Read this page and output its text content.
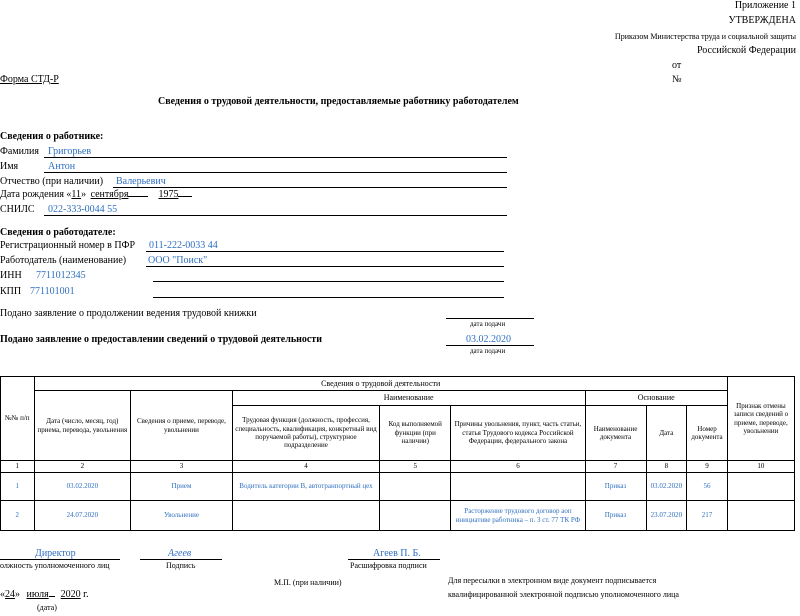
Приложение 1
УТВЕРЖДЕНА
Приказом Министерства труда и социальной защиты
Российской Федерации
от
№
Форма СТД-Р
Сведения о трудовой деятельности, предоставляемые работнику работодателем
Сведения о работнике:
Фамилия Григорьев
Имя	Антон
Отчество (при наличии) Валерьевич
Дата рождения «11» сентября	1975
СНИЛС 022-333-0044 55
Сведения о работодателе:
Регистрационный номер в ПФР 011-222-0033 44
Работодатель (наименование) ООО "Поиск"
ИНН 7711012345
КПП 771101001
Подано заявление о продолжении ведения трудовой книжки
дата подачи
Подано заявление о предоставлении сведений о трудовой деятельности	03.02.2020
дата подачи
№№ п/п	Сведения о трудовой деятельности								Признак отмены записи сведений о приеме, переводе, увольнении
	Дата (число, месяц, год) приема, перевода, увольнения	Сведения о приеме, переводе, увольнении	Наименование			Основание			
			Трудовая функция (должность, профессия, специальность, квалификация, конкретный вид поручаемой работы), структурное подразделение	Код выполняемой функции (при наличии)	Причины увольнения, пункт, часть статьи, статья Трудового кодекса Российской Федерации, федерального закона	Наименование документа	Дата	Номер документа	
1	2	3	4	5	6	7	8	9	10
1	03.02.2020	Прием	Водитель категории В, автотранпортный цех			Приказ	03.02.2020	56	
2	24.07.2020	Увольнение			Расторжение трудового договор аоп инициативе работника – п. 3 ст. 77 ТК РФ	Приказ	23.07.2020	217	
Директор
олжность уполномоченного лиц
Агеев
Подпись
Агеев П. Б.
Расшифровка подписи
М.П. (при наличии)
«24» июля 2020 г.
(дата)
Для пересылки в электронном виде документ подписывается
квалифицированной электронной подписью уполномоченного лица
